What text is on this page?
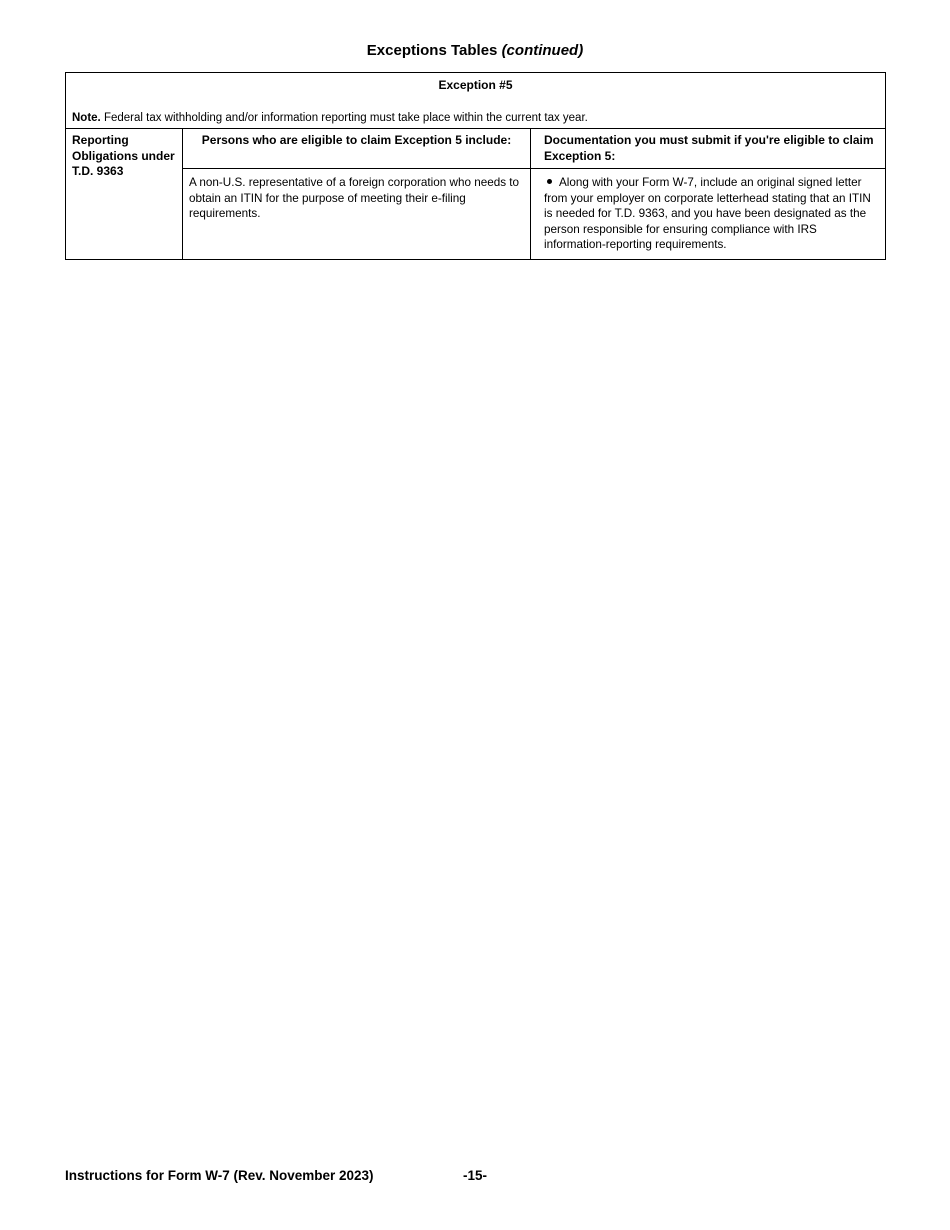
Exceptions Tables (continued)
Exception #5
Note. Federal tax withholding and/or information reporting must take place within the current tax year.		

Reporting Obligations under T.D. 9363	Persons who are eligible to claim Exception 5 include:	Documentation you must submit if you're eligible to claim Exception 5:
	A non-U.S. representative of a foreign corporation who needs to obtain an ITIN for the purpose of meeting their e-filing requirements.	Along with your Form W-7, include an original signed letter from your employer on corporate letterhead stating that an ITIN is needed for T.D. 9363, and you have been designated as the person responsible for ensuring compliance with IRS information-reporting requirements.
Instructions for Form W-7 (Rev. November 2023)	-15-
